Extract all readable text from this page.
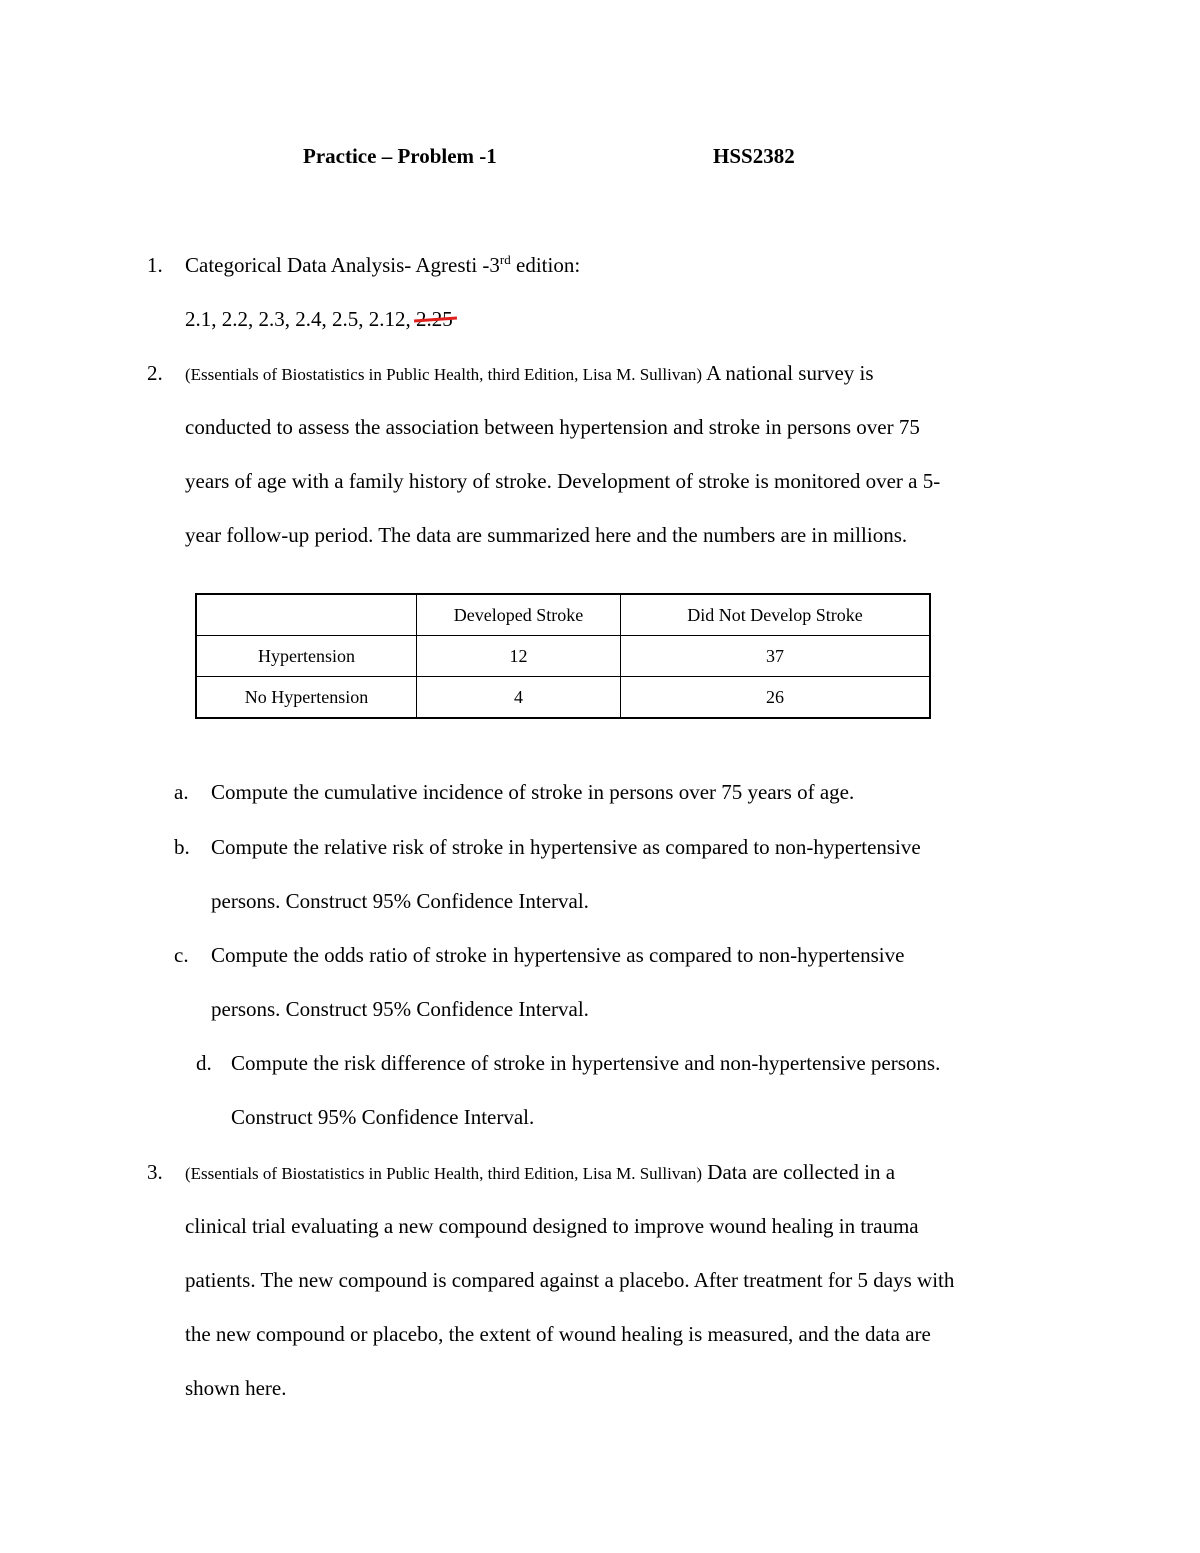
Practice – Problem -1	HSS2382
1. Categorical Data Analysis- Agresti -3rd edition:
2.1, 2.2, 2.3, 2.4, 2.5, 2.12, 2.25
2. (Essentials of Biostatistics in Public Health, third Edition, Lisa M. Sullivan) A national survey is
conducted to assess the association between hypertension and stroke in persons over 75
years of age with a family history of stroke. Development of stroke is monitored over a 5-
year follow-up period. The data are summarized here and the numbers are in millions.
	Developed Stroke	Did Not Develop Stroke
Hypertension	12	37
No Hypertension	4	26
a. Compute the cumulative incidence of stroke in persons over 75 years of age.
b. Compute the relative risk of stroke in hypertensive as compared to non-hypertensive
persons. Construct 95% Confidence Interval.
c. Compute the odds ratio of stroke in hypertensive as compared to non-hypertensive
persons. Construct 95% Confidence Interval.
d. Compute the risk difference of stroke in hypertensive and non-hypertensive persons.
Construct 95% Confidence Interval.
3. (Essentials of Biostatistics in Public Health, third Edition, Lisa M. Sullivan) Data are collected in a
clinical trial evaluating a new compound designed to improve wound healing in trauma
patients. The new compound is compared against a placebo. After treatment for 5 days with
the new compound or placebo, the extent of wound healing is measured, and the data are
shown here.
